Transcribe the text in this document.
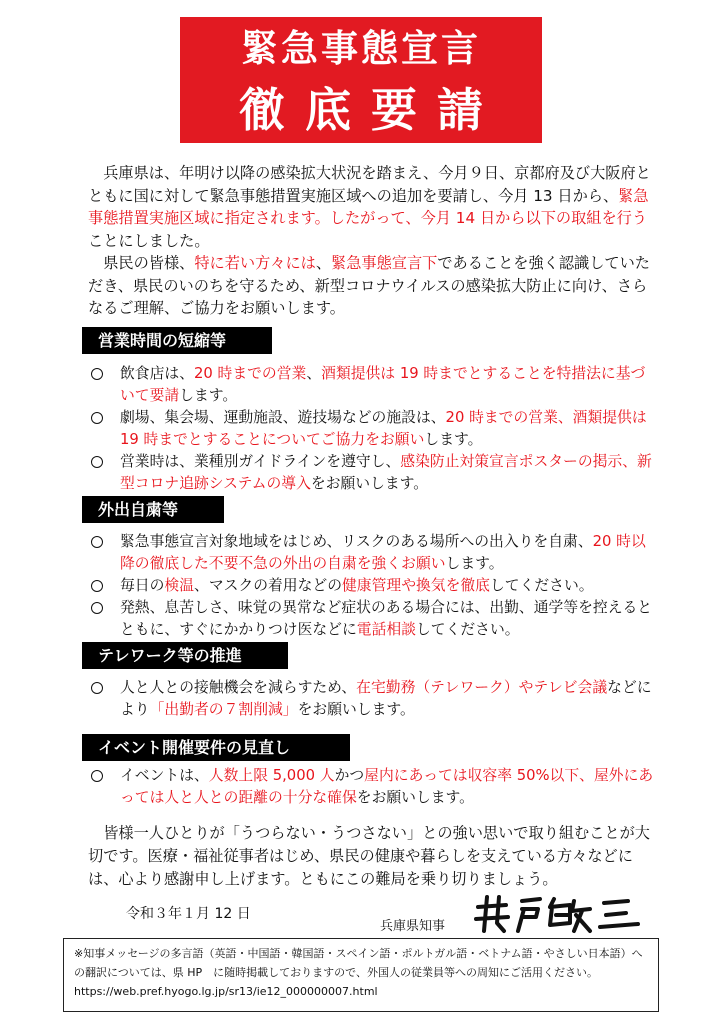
緊急事態宣言
徹底要請

兵庫県は、年明け以降の感染拡大状況を踏まえ、今月９日、京都府及び大阪府とともに国に対して緊急事態措置実施区域への追加を要請し、今月 13 日から、緊急事態措置実施区域に指定されます。したがって、今月 14 日から以下の取組を行うことにしました。

県民の皆様、特に若い方々には、緊急事態宣言下であることを強く認識していただき、県民のいのちを守るため、新型コロナウイルスの感染拡大防止に向け、さらなるご理解、ご協力をお願いします。

営業時間の短縮等

飲食店は、20 時までの営業、酒類提供は 19 時までとすることを特措法に基づいて要請します。

劇場、集会場、運動施設、遊技場などの施設は、20 時までの営業、酒類提供は 19 時までとすることについてご協力をお願いします。

営業時は、業種別ガイドラインを遵守し、感染防止対策宣言ポスターの掲示、新型コロナ追跡システムの導入をお願いします。

外出自粛等

緊急事態宣言対象地域をはじめ、リスクのある場所への出入りを自粛、20 時以降の徹底した不要不急の外出の自粛を強くお願いします。

毎日の検温、マスクの着用などの健康管理や換気を徹底してください。

発熱、息苦しさ、味覚の異常など症状のある場合には、出勤、通学等を控えるとともに、すぐにかかりつけ医などに電話相談してください。

テレワーク等の推進

人と人との接触機会を減らすため、在宅勤務（テレワーク）やテレビ会議などにより「出勤者の７割削減」をお願いします。

イベント開催要件の見直し

イベントは、人数上限 5,000 人かつ屋内にあっては収容率 50%以下、屋外にあっては人と人との距離の十分な確保をお願いします。

皆様一人ひとりが「うつらない・うつさない」との強い思いで取り組むことが大切です。医療・福祉従事者はじめ、県民の健康や暮らしを支えている方々などには、心より感謝申し上げます。ともにこの難局を乗り切りましょう。

令和３年１月 12 日
兵庫県知事
※知事メッセージの多言語（英語・中国語・韓国語・スペイン語・ポルトガル語・ベトナム語・やさしい日本語）への翻訳については、県 HP　に随時掲載しておりますので、外国人の従業員等への周知にご活用ください。https://web.pref.hyogo.lg.jp/sr13/ie12_000000007.html
